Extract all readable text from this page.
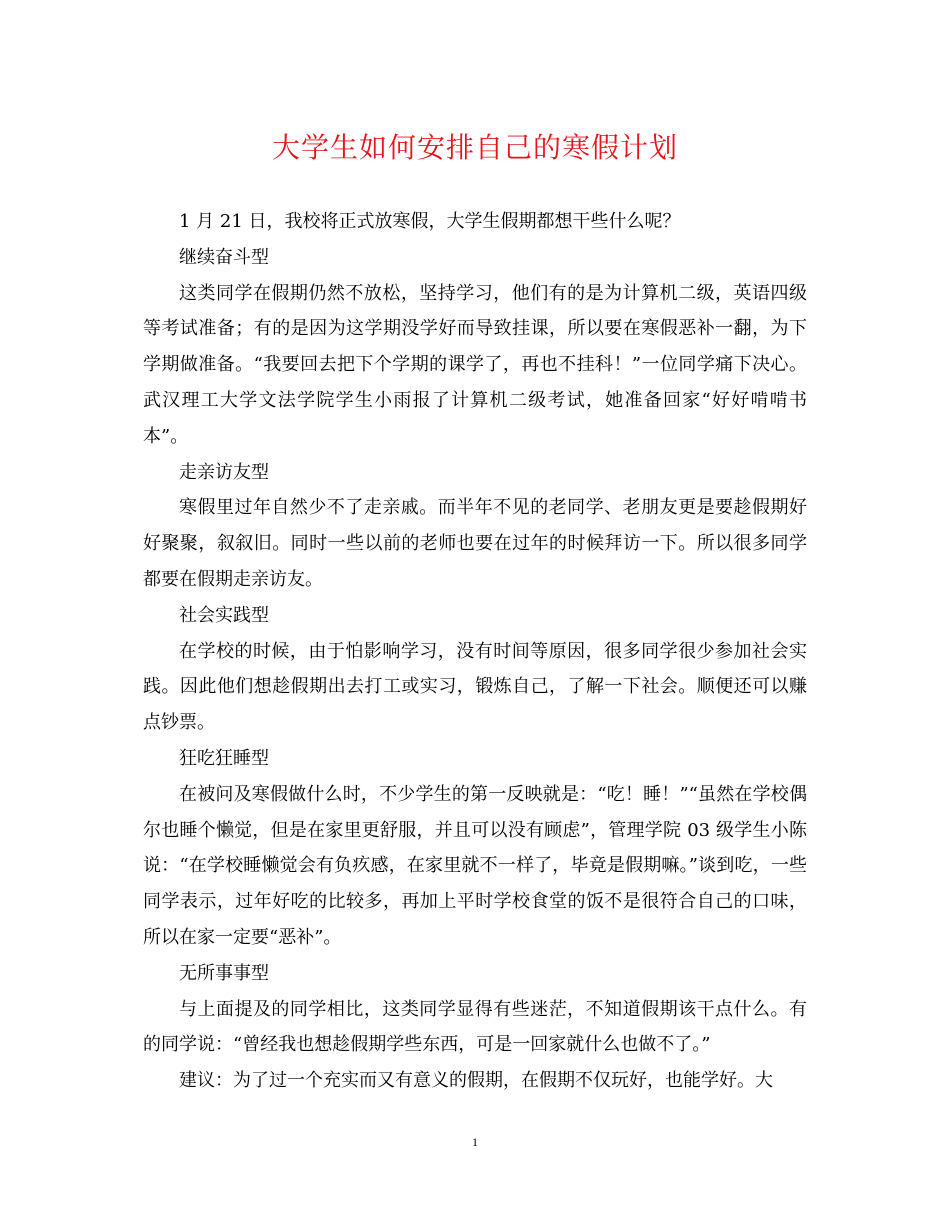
大学生如何安排自己的寒假计划

1 月 21 日，我校将正式放寒假，大学生假期都想干些什么呢？

继续奋斗型

这类同学在假期仍然不放松，坚持学习，他们有的是为计算机二级，英语四级等考试准备；有的是因为这学期没学好而导致挂课，所以要在寒假恶补一翻，为下学期做准备。“我要回去把下个学期的课学了，再也不挂科！”一位同学痛下决心。武汉理工大学文法学院学生小雨报了计算机二级考试，她准备回家“好好啃啃书本”。

走亲访友型

寒假里过年自然少不了走亲戚。而半年不见的老同学、老朋友更是要趁假期好好聚聚，叙叙旧。同时一些以前的老师也要在过年的时候拜访一下。所以很多同学都要在假期走亲访友。

社会实践型

在学校的时候，由于怕影响学习，没有时间等原因，很多同学很少参加社会实践。因此他们想趁假期出去打工或实习，锻炼自己，了解一下社会。顺便还可以赚点钞票。

狂吃狂睡型

在被问及寒假做什么时，不少学生的第一反映就是：“吃！睡！”“虽然在学校偶尔也睡个懒觉，但是在家里更舒服，并且可以没有顾虑”，管理学院 03 级学生小陈说：“在学校睡懒觉会有负疚感，在家里就不一样了，毕竟是假期嘛。”谈到吃，一些同学表示，过年好吃的比较多，再加上平时学校食堂的饭不是很符合自己的口味，所以在家一定要“恶补”。

无所事事型

与上面提及的同学相比，这类同学显得有些迷茫，不知道假期该干点什么。有的同学说：“曾经我也想趁假期学些东西，可是一回家就什么也做不了。”

建议：为了过一个充实而又有意义的假期，在假期不仅玩好，也能学好。大

1
